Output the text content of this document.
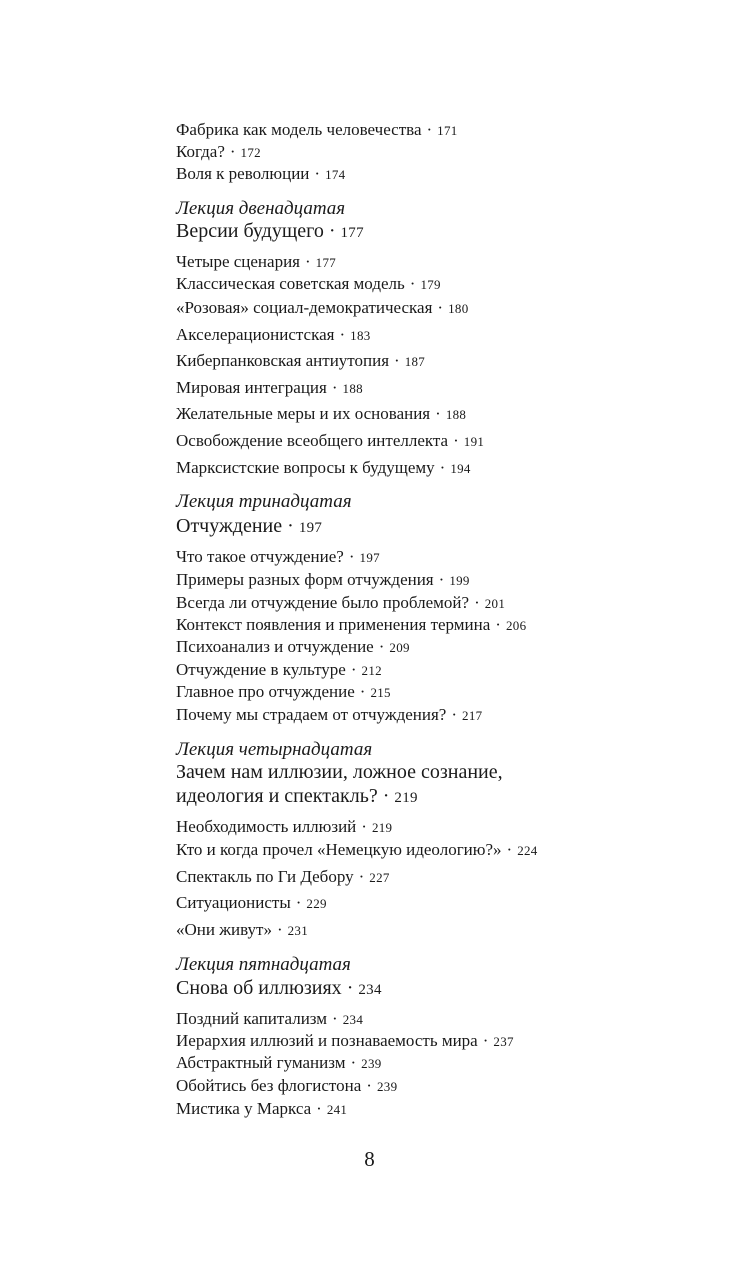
Фабрика как модель человечества · 171
Когда? · 172
Воля к революции · 174
Лекция двенадцатая
Версии будущего · 177
Четыре сценария · 177
Классическая советская модель · 179
«Розовая» социал-демократическая · 180
Акселерационистская · 183
Киберпанковская антиутопия · 187
Мировая интеграция · 188
Желательные меры и их основания · 188
Освобождение всеобщего интеллекта · 191
Марксистские вопросы к будущему · 194
Лекция тринадцатая
Отчуждение · 197
Что такое отчуждение? · 197
Примеры разных форм отчуждения · 199
Всегда ли отчуждение было проблемой? · 201
Контекст появления и применения термина · 206
Психоанализ и отчуждение · 209
Отчуждение в культуре · 212
Главное про отчуждение · 215
Почему мы страдаем от отчуждения? · 217
Лекция четырнадцатая
Зачем нам иллюзии, ложное сознание,
идеология и спектакль? · 219
Необходимость иллюзий · 219
Кто и когда прочел «Немецкую идеологию?» · 224
Спектакль по Ги Дебору · 227
Ситуационисты · 229
«Они живут» · 231
Лекция пятнадцатая
Снова об иллюзиях · 234
Поздний капитализм · 234
Иерархия иллюзий и познаваемость мира · 237
Абстрактный гуманизм · 239
Обойтись без флогистона · 239
Мистика у Маркса · 241
8
